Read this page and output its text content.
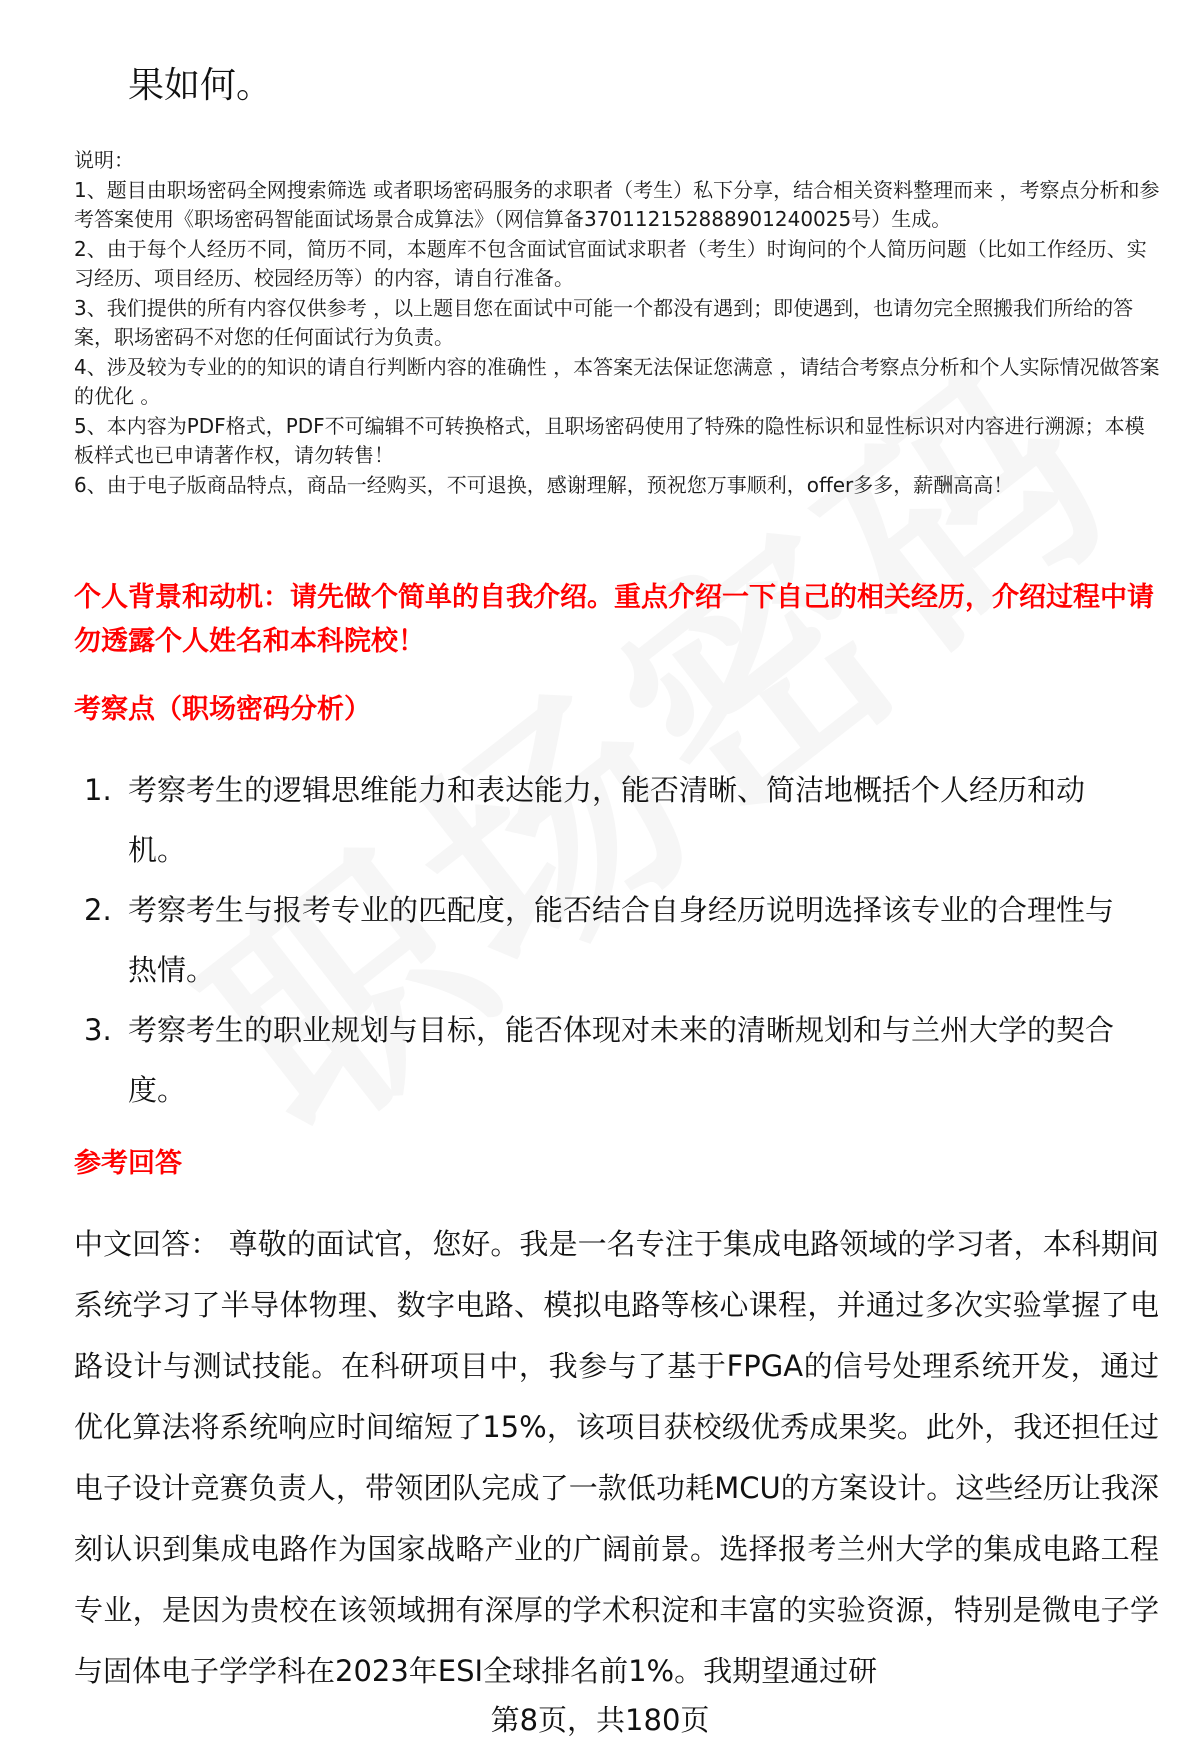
果如何。

说明：

1、题目由职场密码全网搜索筛选 或者职场密码服务的求职者（考生）私下分享，结合相关资料整理而来 ，考察点分析和参考答案使用《职场密码智能面试场景合成算法》（网信算备370112152888901240025号）生成。

2、由于每个人经历不同，简历不同，本题库不包含面试官面试求职者（考生）时询问的个人简历问题（比如工作经历、实习经历、项目经历、校园经历等）的内容，请自行准备。

3、我们提供的所有内容仅供参考 ，以上题目您在面试中可能一个都没有遇到；即使遇到，也请勿完全照搬我们所给的答案，职场密码不对您的任何面试行为负责。

4、涉及较为专业的的知识的请自行判断内容的准确性 ，本答案无法保证您满意 ，请结合考察点分析和个人实际情况做答案的优化 。

5、本内容为PDF格式，PDF不可编辑不可转换格式，且职场密码使用了特殊的隐性标识和显性标识对内容进行溯源；本模板样式也已申请著作权，请勿转售！

6、由于电子版商品特点，商品一经购买，不可退换，感谢理解，预祝您万事顺利，offer多多，薪酬高高！

个人背景和动机：请先做个简单的自我介绍。重点介绍一下自己的相关经历，介绍过程中请勿透露个人姓名和本科院校！
考察点（职场密码分析）
1. 考察考生的逻辑思维能力和表达能力，能否清晰、简洁地概括个人经历和动机。
2. 考察考生与报考专业的匹配度，能否结合自身经历说明选择该专业的合理性与热情。
3. 考察考生的职业规划与目标，能否体现对未来的清晰规划和与兰州大学的契合度。
参考回答

中文回答： 尊敬的面试官，您好。我是一名专注于集成电路领域的学习者，本科期间系统学习了半导体物理、数字电路、模拟电路等核心课程，并通过多次实验掌握了电路设计与测试技能。在科研项目中，我参与了基于FPGA的信号处理系统开发，通过优化算法将系统响应时间缩短了15%，该项目获校级优秀成果奖。此外，我还担任过电子设计竞赛负责人，带领团队完成了一款低功耗MCU的方案设计。这些经历让我深刻认识到集成电路作为国家战略产业的广阔前景。选择报考兰州大学的集成电路工程专业，是因为贵校在该领域拥有深厚的学术积淀和丰富的实验资源，特别是微电子学与固体电子学学科在2023年ESI全球排名前1%。我期望通过研

第8页，共180页
